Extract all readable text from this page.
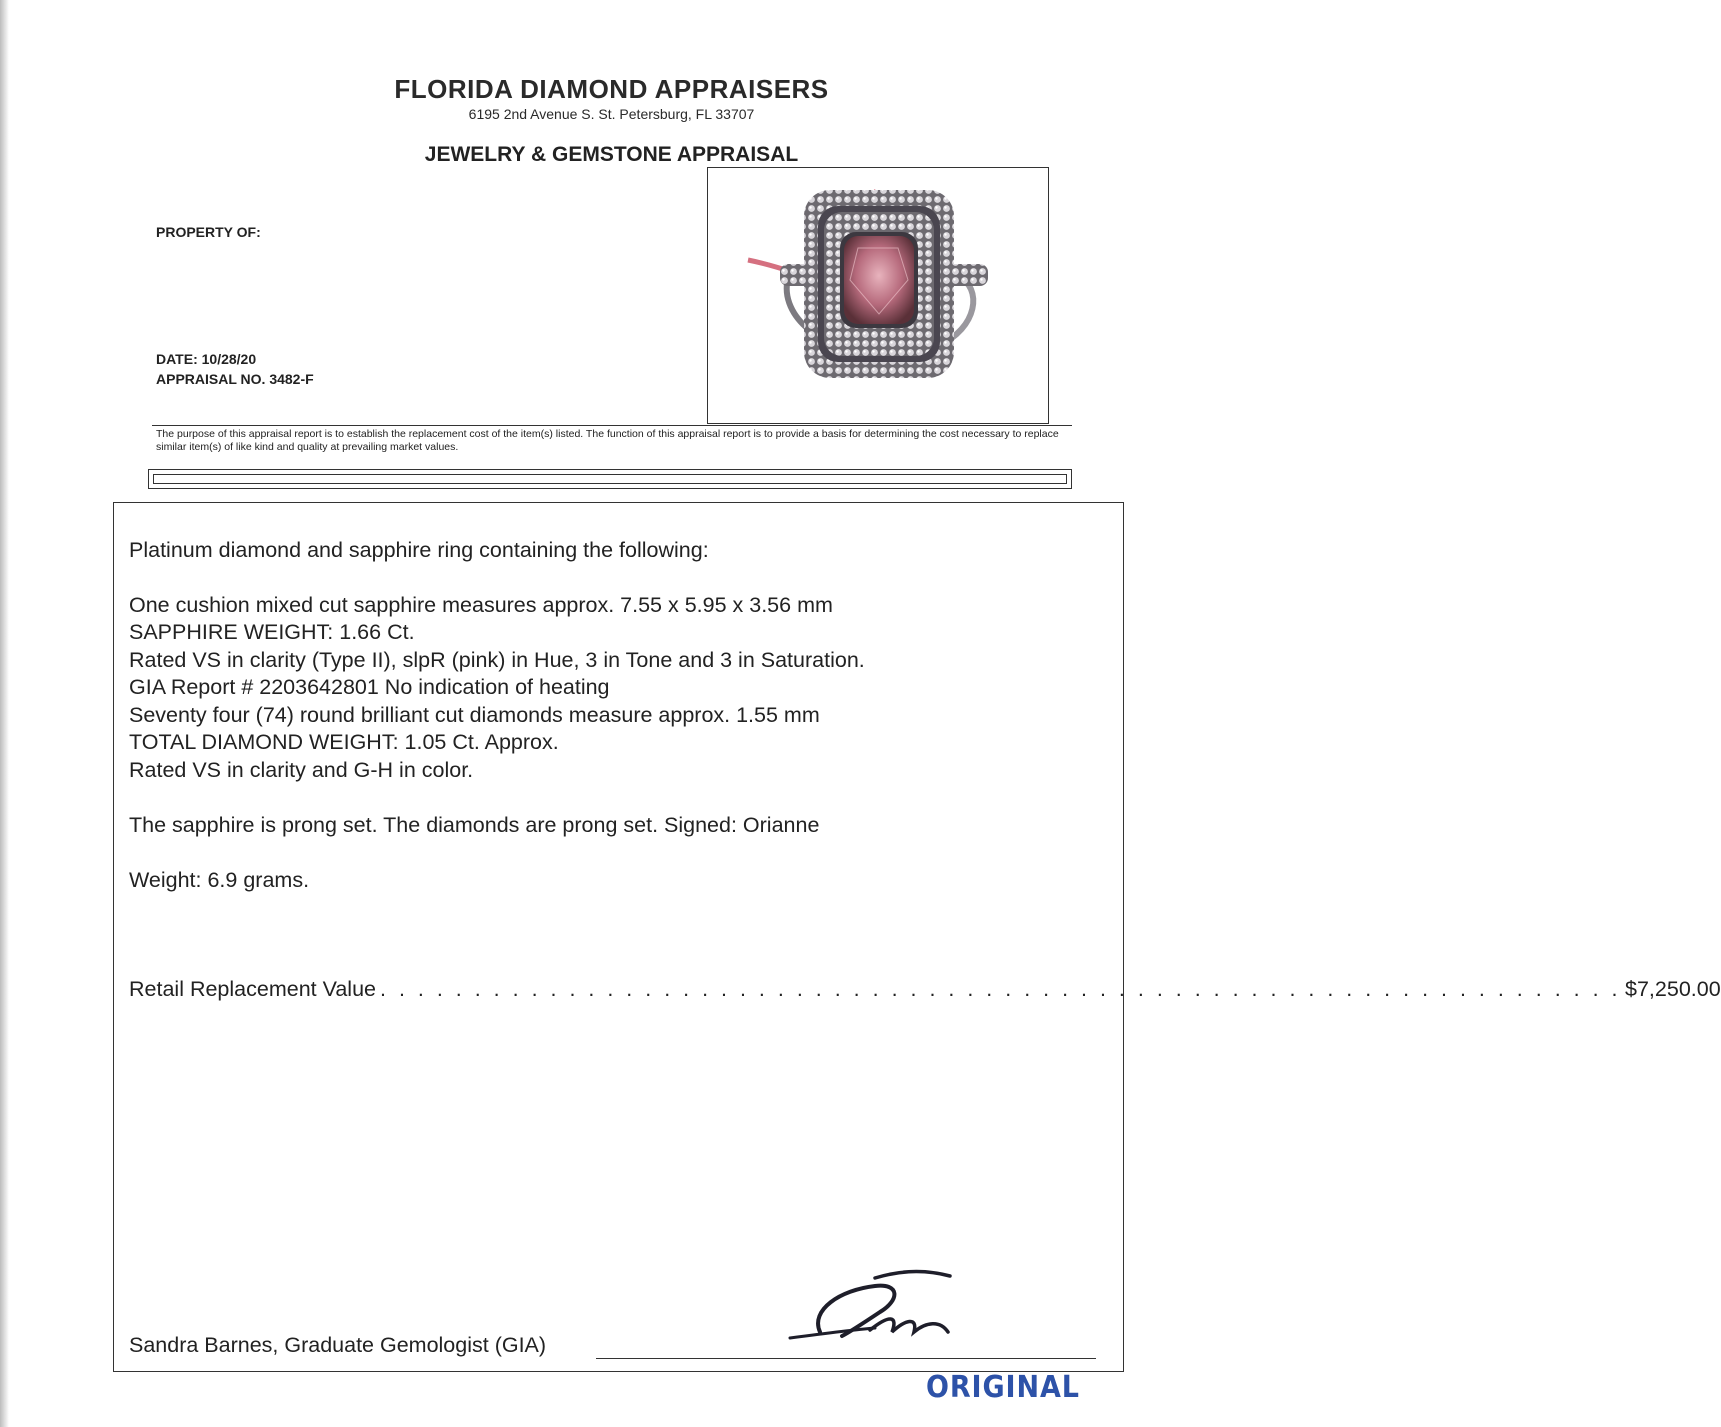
FLORIDA DIAMOND APPRAISERS
6195 2nd Avenue S. St. Petersburg, FL 33707
JEWELRY & GEMSTONE APPRAISAL
PROPERTY OF:
DATE: 10/28/20
APPRAISAL NO. 3482-F
The purpose of this appraisal report is to establish the replacement cost of the item(s) listed. The function of this appraisal report is to provide a basis for determining the cost necessary to replace similar item(s) of like kind and quality at prevailing market values.
Platinum diamond and sapphire ring containing the following:
One cushion mixed cut sapphire measures approx. 7.55 x 5.95 x 3.56 mm
SAPPHIRE WEIGHT: 1.66 Ct.
Rated VS in clarity (Type II), slpR (pink) in Hue, 3 in Tone and 3 in Saturation.
GIA Report # 2203642801 No indication of heating
Seventy four (74) round brilliant cut diamonds measure approx. 1.55 mm
TOTAL DIAMOND WEIGHT: 1.05 Ct. Approx.
Rated VS in clarity and G-H in color.
The sapphire is prong set. The diamonds are prong set. Signed: Orianne
Weight: 6.9 grams.
Retail Replacement Value . . . . . . . . . . . . . . . . . . . . . . . . . . . . . . . . . . . . . . . . . . . . . . . . . . . . . . . . . . . . . . . . . . $7,250.00
Sandra Barnes, Graduate Gemologist (GIA)
ORIGINAL
